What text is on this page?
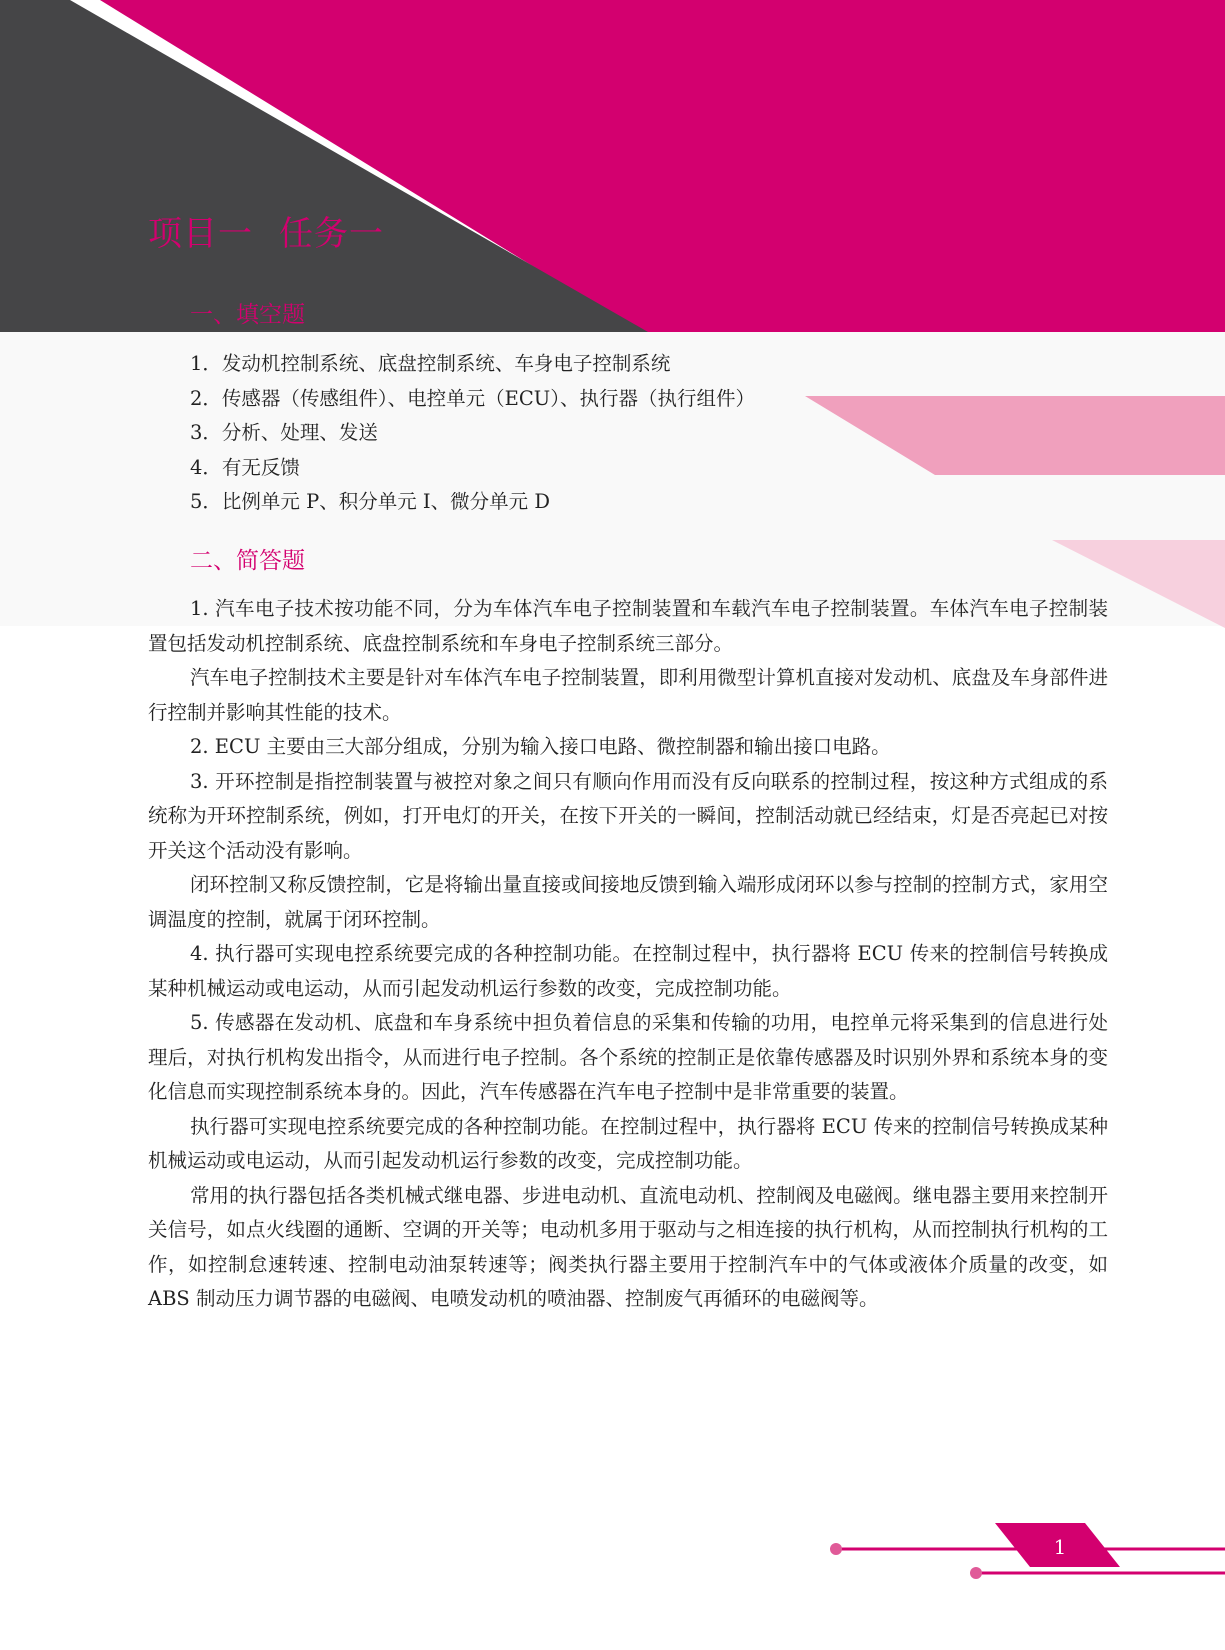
项目一 任务一
一、填空题
1．发动机控制系统、底盘控制系统、车身电子控制系统
2．传感器（传感组件）、电控单元（ECU）、执行器（执行组件）
3．分析、处理、发送
4．有无反馈
5．比例单元 P、积分单元 I、微分单元 D
二、简答题

1. 汽车电子技术按功能不同，分为车体汽车电子控制装置和车载汽车电子控制装置。车体汽车电子控制装置包括发动机控制系统、底盘控制系统和车身电子控制系统三部分。

汽车电子控制技术主要是针对车体汽车电子控制装置，即利用微型计算机直接对发动机、底盘及车身部件进行控制并影响其性能的技术。

2. ECU 主要由三大部分组成，分别为输入接口电路、微控制器和输出接口电路。

3. 开环控制是指控制装置与被控对象之间只有顺向作用而没有反向联系的控制过程，按这种方式组成的系统称为开环控制系统，例如，打开电灯的开关，在按下开关的一瞬间，控制活动就已经结束，灯是否亮起已对按开关这个活动没有影响。

闭环控制又称反馈控制，它是将输出量直接或间接地反馈到输入端形成闭环以参与控制的控制方式，家用空调温度的控制，就属于闭环控制。

4. 执行器可实现电控系统要完成的各种控制功能。在控制过程中，执行器将 ECU 传来的控制信号转换成某种机械运动或电运动，从而引起发动机运行参数的改变，完成控制功能。

5. 传感器在发动机、底盘和车身系统中担负着信息的采集和传输的功用，电控单元将采集到的信息进行处理后，对执行机构发出指令，从而进行电子控制。各个系统的控制正是依靠传感器及时识别外界和系统本身的变化信息而实现控制系统本身的。因此，汽车传感器在汽车电子控制中是非常重要的装置。

执行器可实现电控系统要完成的各种控制功能。在控制过程中，执行器将 ECU 传来的控制信号转换成某种机械运动或电运动，从而引起发动机运行参数的改变，完成控制功能。

常用的执行器包括各类机械式继电器、步进电动机、直流电动机、控制阀及电磁阀。继电器主要用来控制开关信号，如点火线圈的通断、空调的开关等；电动机多用于驱动与之相连接的执行机构，从而控制执行机构的工作，如控制怠速转速、控制电动油泵转速等；阀类执行器主要用于控制汽车中的气体或液体介质量的改变，如 ABS 制动压力调节器的电磁阀、电喷发动机的喷油器、控制废气再循环的电磁阀等。

1
